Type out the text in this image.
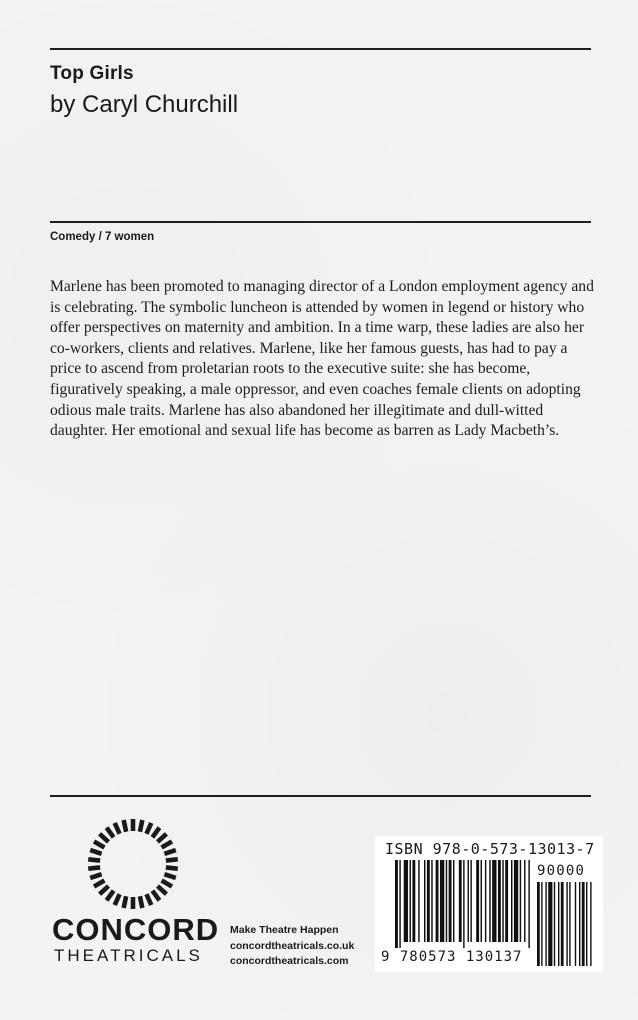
Top Girls
by Caryl Churchill
Comedy / 7 women
Marlene has been promoted to managing director of a London employment agency and is celebrating. The symbolic luncheon is attended by women in legend or history who offer perspectives on maternity and ambition. In a time warp, these ladies are also her co-workers, clients and relatives. Marlene, like her famous guests, has had to pay a price to ascend from proletarian roots to the executive suite: she has become, figuratively speaking, a male oppressor, and even coaches female clients on adopting odious male traits. Marlene has also abandoned her illegitimate and dull-witted daughter. Her emotional and sexual life has become as barren as Lady Macbeth’s.
CONCORD
THEATRICALS
Make Theatre Happen
concordtheatricals.co.uk
concordtheatricals.com
ISBN 978-0-573-13013-7
90000
9 780573 130137
